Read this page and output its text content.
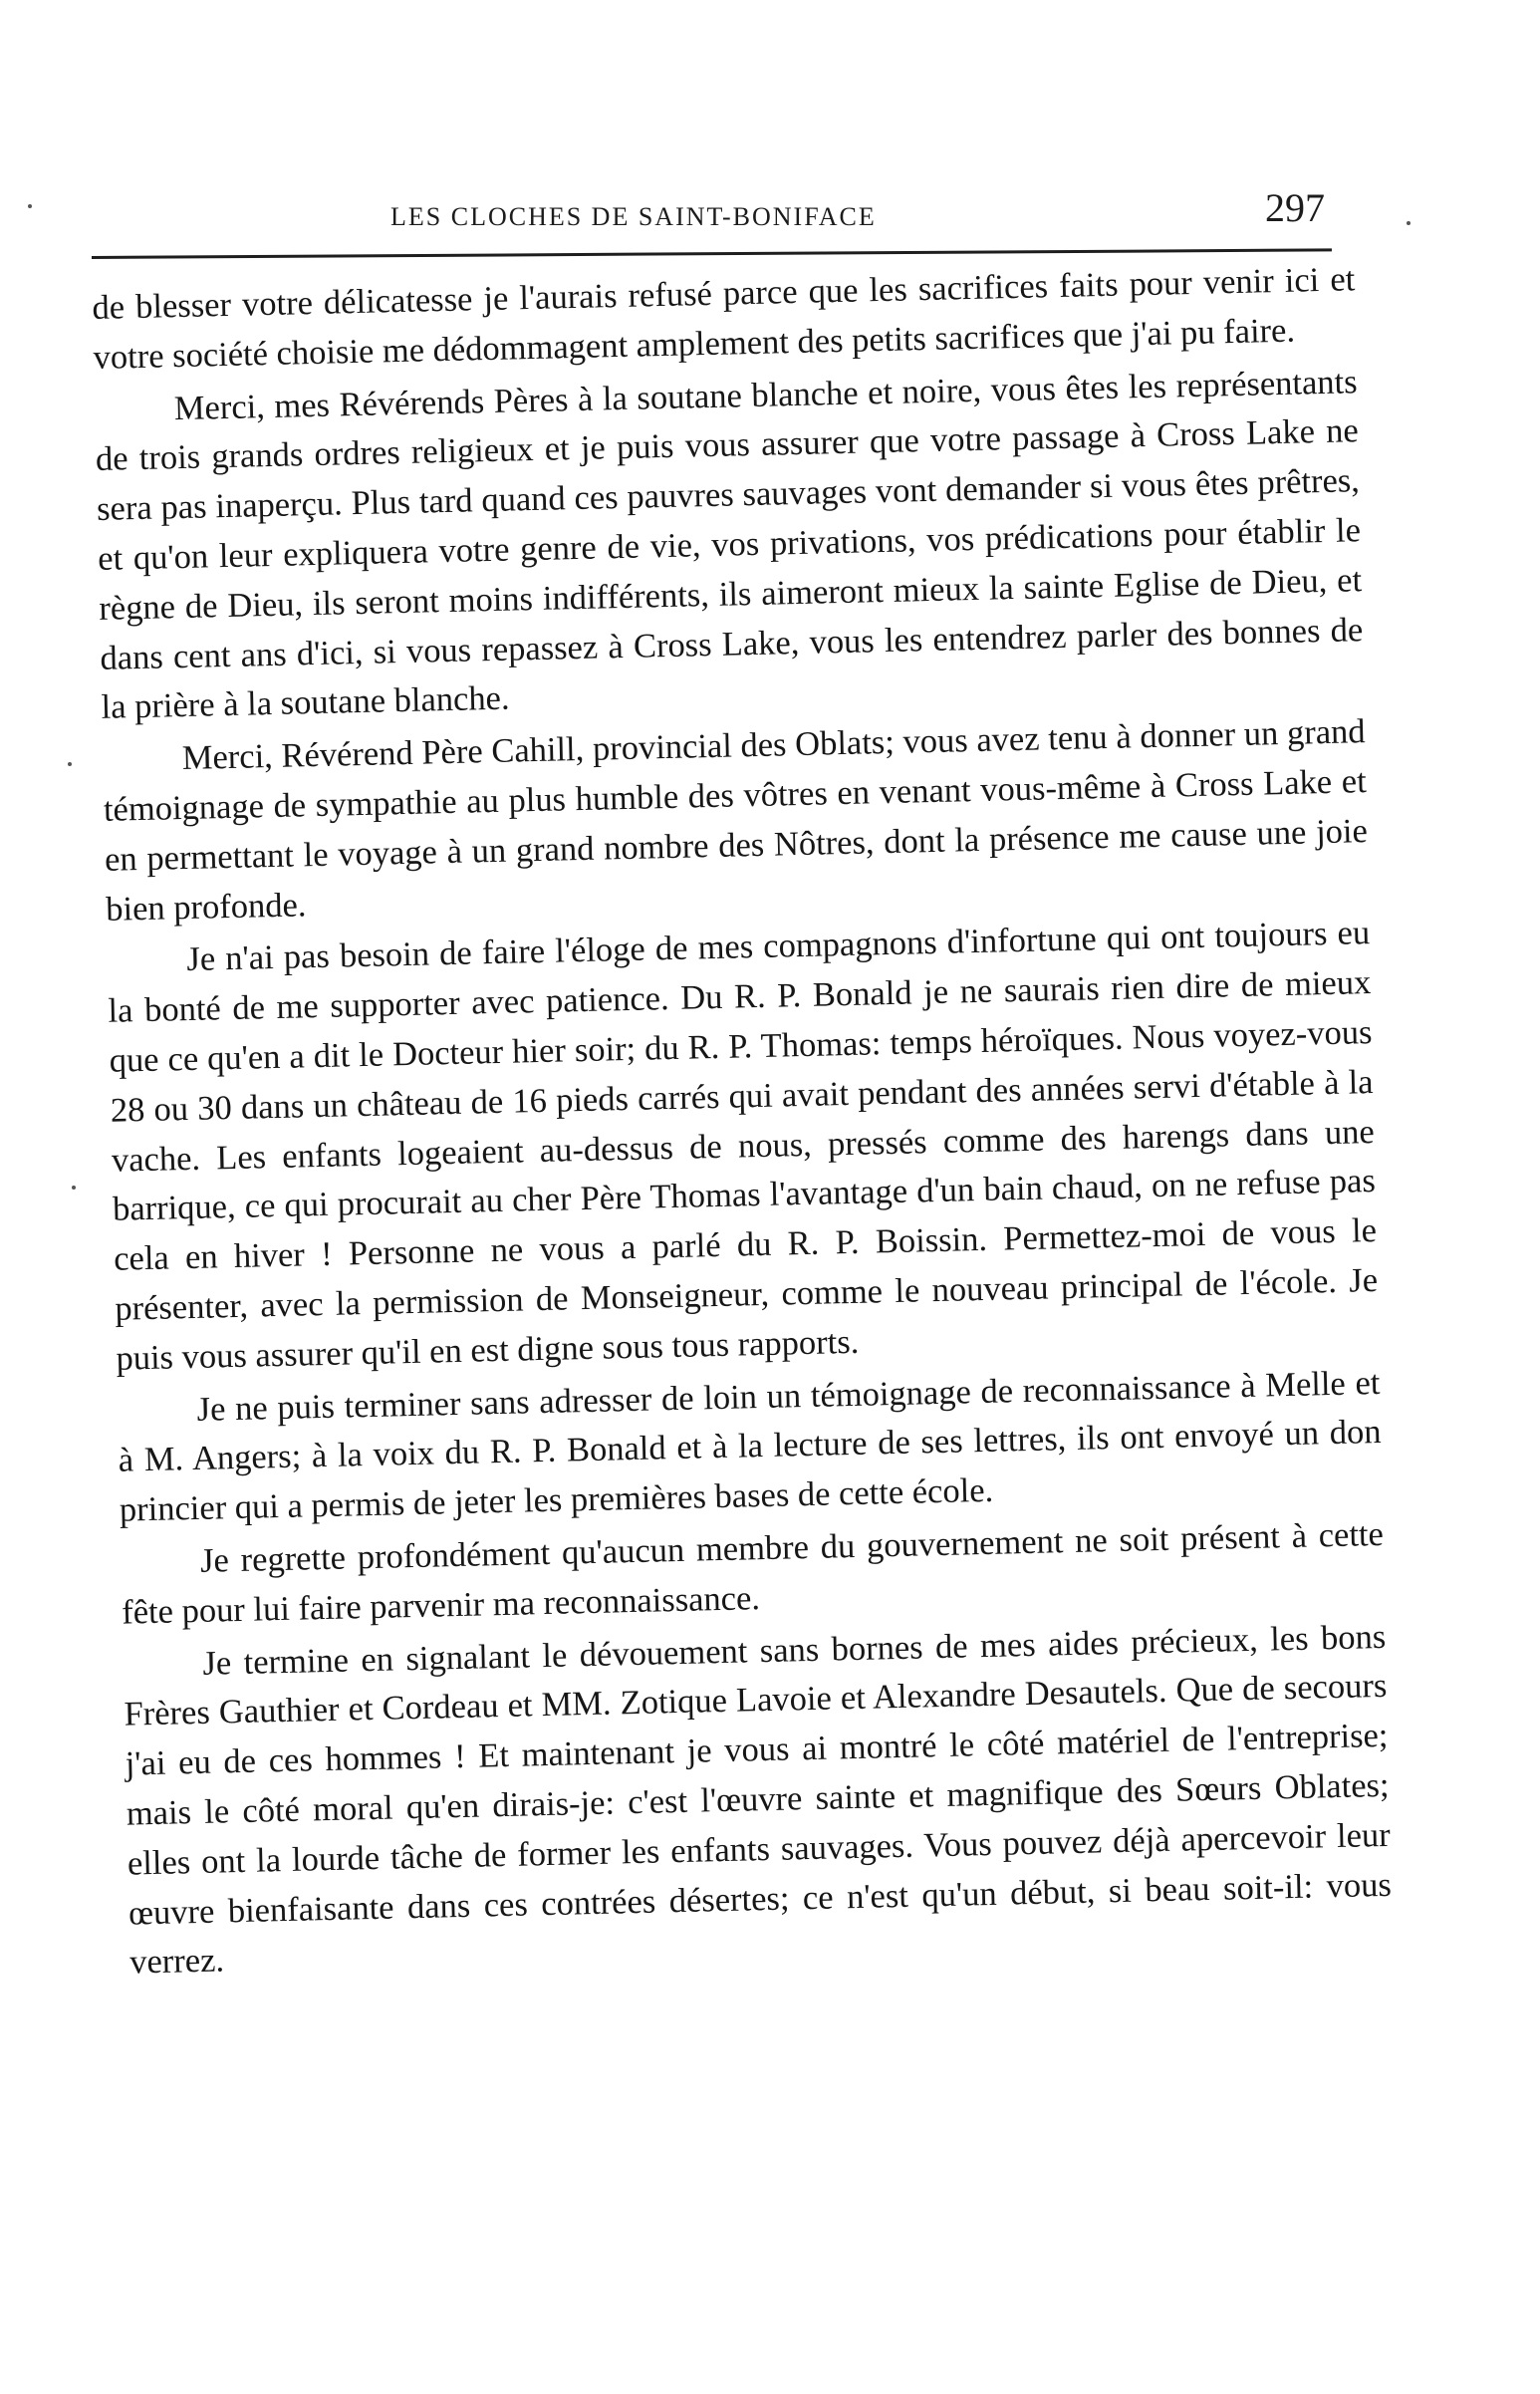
LES CLOCHES DE SAINT-BONIFACE	297

de blesser votre délicatesse je l'aurais refusé parce que les sacrifices faits pour venir ici et votre société choisie me dédommagent amplement des petits sacrifices que j'ai pu faire.

Merci, mes Révérends Pères à la soutane blanche et noire, vous êtes les représentants de trois grands ordres religieux et je puis vous assurer que votre passage à Cross Lake ne sera pas inaperçu. Plus tard quand ces pauvres sauvages vont demander si vous êtes prêtres, et qu'on leur expliquera votre genre de vie, vos privations, vos prédications pour établir le règne de Dieu, ils seront moins indifférents, ils aimeront mieux la sainte Eglise de Dieu, et dans cent ans d'ici, si vous repassez à Cross Lake, vous les entendrez parler des bonnes de la prière à la soutane blanche.

Merci, Révérend Père Cahill, provincial des Oblats; vous avez tenu à donner un grand témoignage de sympathie au plus humble des vôtres en venant vous-même à Cross Lake et en permettant le voyage à un grand nombre des Nôtres, dont la présence me cause une joie bien profonde.

Je n'ai pas besoin de faire l'éloge de mes compagnons d'infortune qui ont toujours eu la bonté de me supporter avec patience. Du R. P. Bonald je ne saurais rien dire de mieux que ce qu'en a dit le Docteur hier soir; du R. P. Thomas: temps héroïques. Nous voyez-vous 28 ou 30 dans un château de 16 pieds carrés qui avait pendant des années servi d'étable à la vache. Les enfants logeaient au-dessus de nous, pressés comme des harengs dans une barrique, ce qui procurait au cher Père Thomas l'avantage d'un bain chaud, on ne refuse pas cela en hiver ! Personne ne vous a parlé du R. P. Boissin. Permettez-moi de vous le présenter, avec la permission de Monseigneur, comme le nouveau principal de l'école. Je puis vous assurer qu'il en est digne sous tous rapports.

Je ne puis terminer sans adresser de loin un témoignage de reconnaissance à Melle et à M. Angers; à la voix du R. P. Bonald et à la lecture de ses lettres, ils ont envoyé un don princier qui a permis de jeter les premières bases de cette école.

Je regrette profondément qu'aucun membre du gouvernement ne soit présent à cette fête pour lui faire parvenir ma reconnaissance.

Je termine en signalant le dévouement sans bornes de mes aides précieux, les bons Frères Gauthier et Cordeau et MM. Zotique Lavoie et Alexandre Desautels. Que de secours j'ai eu de ces hommes ! Et maintenant je vous ai montré le côté matériel de l'entreprise; mais le côté moral qu'en dirais-je: c'est l'œuvre sainte et magnifique des Sœurs Oblates; elles ont la lourde tâche de former les enfants sauvages. Vous pouvez déjà apercevoir leur œuvre bienfaisante dans ces contrées désertes; ce n'est qu'un début, si beau soit-il: vous verrez.
